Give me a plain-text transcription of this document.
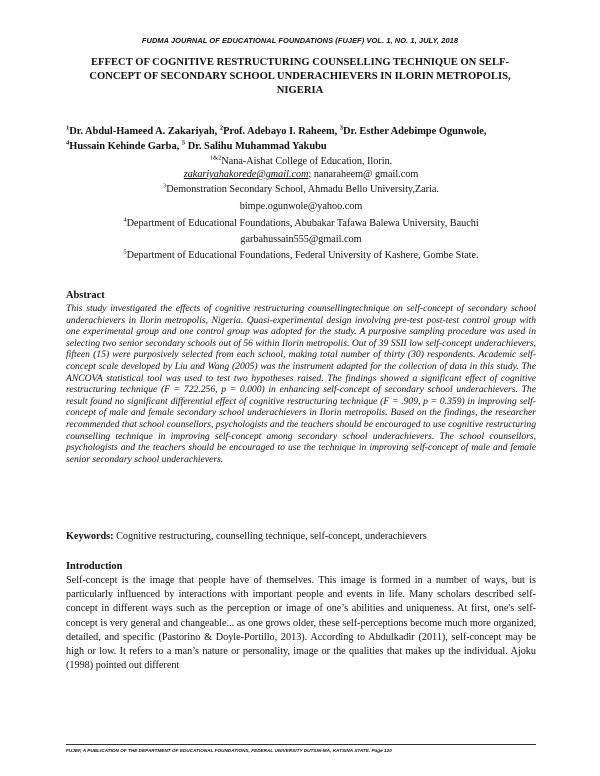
FUDMA JOURNAL OF EDUCATIONAL FOUNDATIONS (FUJEF) VOL. 1, NO. 1, JULY, 2018
EFFECT OF COGNITIVE RESTRUCTURING COUNSELLING TECHNIQUE ON SELF-CONCEPT OF SECONDARY SCHOOL UNDERACHIEVERS IN ILORIN METROPOLIS, NIGERIA
$^1$Dr. Abdul-Hameed A. Zakariyah, $^2$Prof. Adebayo I. Raheem, $^3$Dr. Esther Adebimpe Ogunwole,
$^4$Hussain Kehinde Garba, $^5$ Dr. Salihu Muhammad Yakubu
$^{1\&2}$Nana-Aishat College of Education, Ilorin.
zakariyahakorede@gmail.com; nanaraheem@ gmail.com
$^3$Demonstration Secondary School, Ahmadu Bello University,Zaria.
bimpe.ogunwole@yahoo.com
$^4$Department of Educational Foundations, Abubakar Tafawa Balewa University, Bauchi
garbahussain555@gmail.com
$^5$Department of Educational Foundations, Federal University of Kashere, Gombe State.
Abstract

This study investigated the effects of cognitive restructuring counsellingtechnique on self-concept of secondary school underachievers in Ilorin metropolis, Nigeria. Quasi-experimental design involving pre-test post-test control group with one experimental group and one control group was adopted for the study. A purposive sampling procedure was used in selecting two senior secondary schools out of 56 within Ilorin metropolis. Out of 39 SSII low self-concept underachievers, fifteen (15) were purposively selected from each school, making total number of thirty (30) respondents. Academic self-concept scale developed by Liu and Wang (2005) was the instrument adapted for the collection of data in this study. The ANCOVA statistical tool was used to test two hypotheses raised. The findings showed a significant effect of cognitive restructuring technique (F = 722.256, p = 0.000) in enhancing self-concept of secondary school underachievers. The result found no significant differential effect of cognitive restructuring technique (F = .909, p = 0.359) in improving self-concept of male and female secondary school underachievers in Ilorin metropolis. Based on the findings, the researcher recommended that school counsellors, psychologists and the teachers should be encouraged to use cognitive restructuring counselling technique in improving self-concept among secondary school underachievers. The school counsellors, psychologists and the teachers should be encouraged to use the technique in improving self-concept of male and female senior secondary school underachievers.

Keywords: Cognitive restructuring, counselling technique, self-concept, underachievers

Introduction

Self-concept is the image that people have of themselves. This image is formed in a number of ways, but is particularly influenced by interactions with important people and events in life. Many scholars described self-concept in different ways such as the perception or image of one’s abilities and uniqueness. At first, one's self-concept is very general and changeable... as one grows older, these self-perceptions become much more organized, detailed, and specific (Pastorino & Doyle-Portillo, 2013). According to Abdulkadir (2011), self-concept may be high or low. It refers to a man’s nature or personality, image or the qualities that makes up the individual. Ajoku (1998) pointed out different

FUJEF, A PUBLICATION OF THE DEPARTMENT OF EDUCATIONAL FOUNDATIONS, FEDERAL UNIVERSITY DUTSIN-MA, KATSINA STATE. Page 120
